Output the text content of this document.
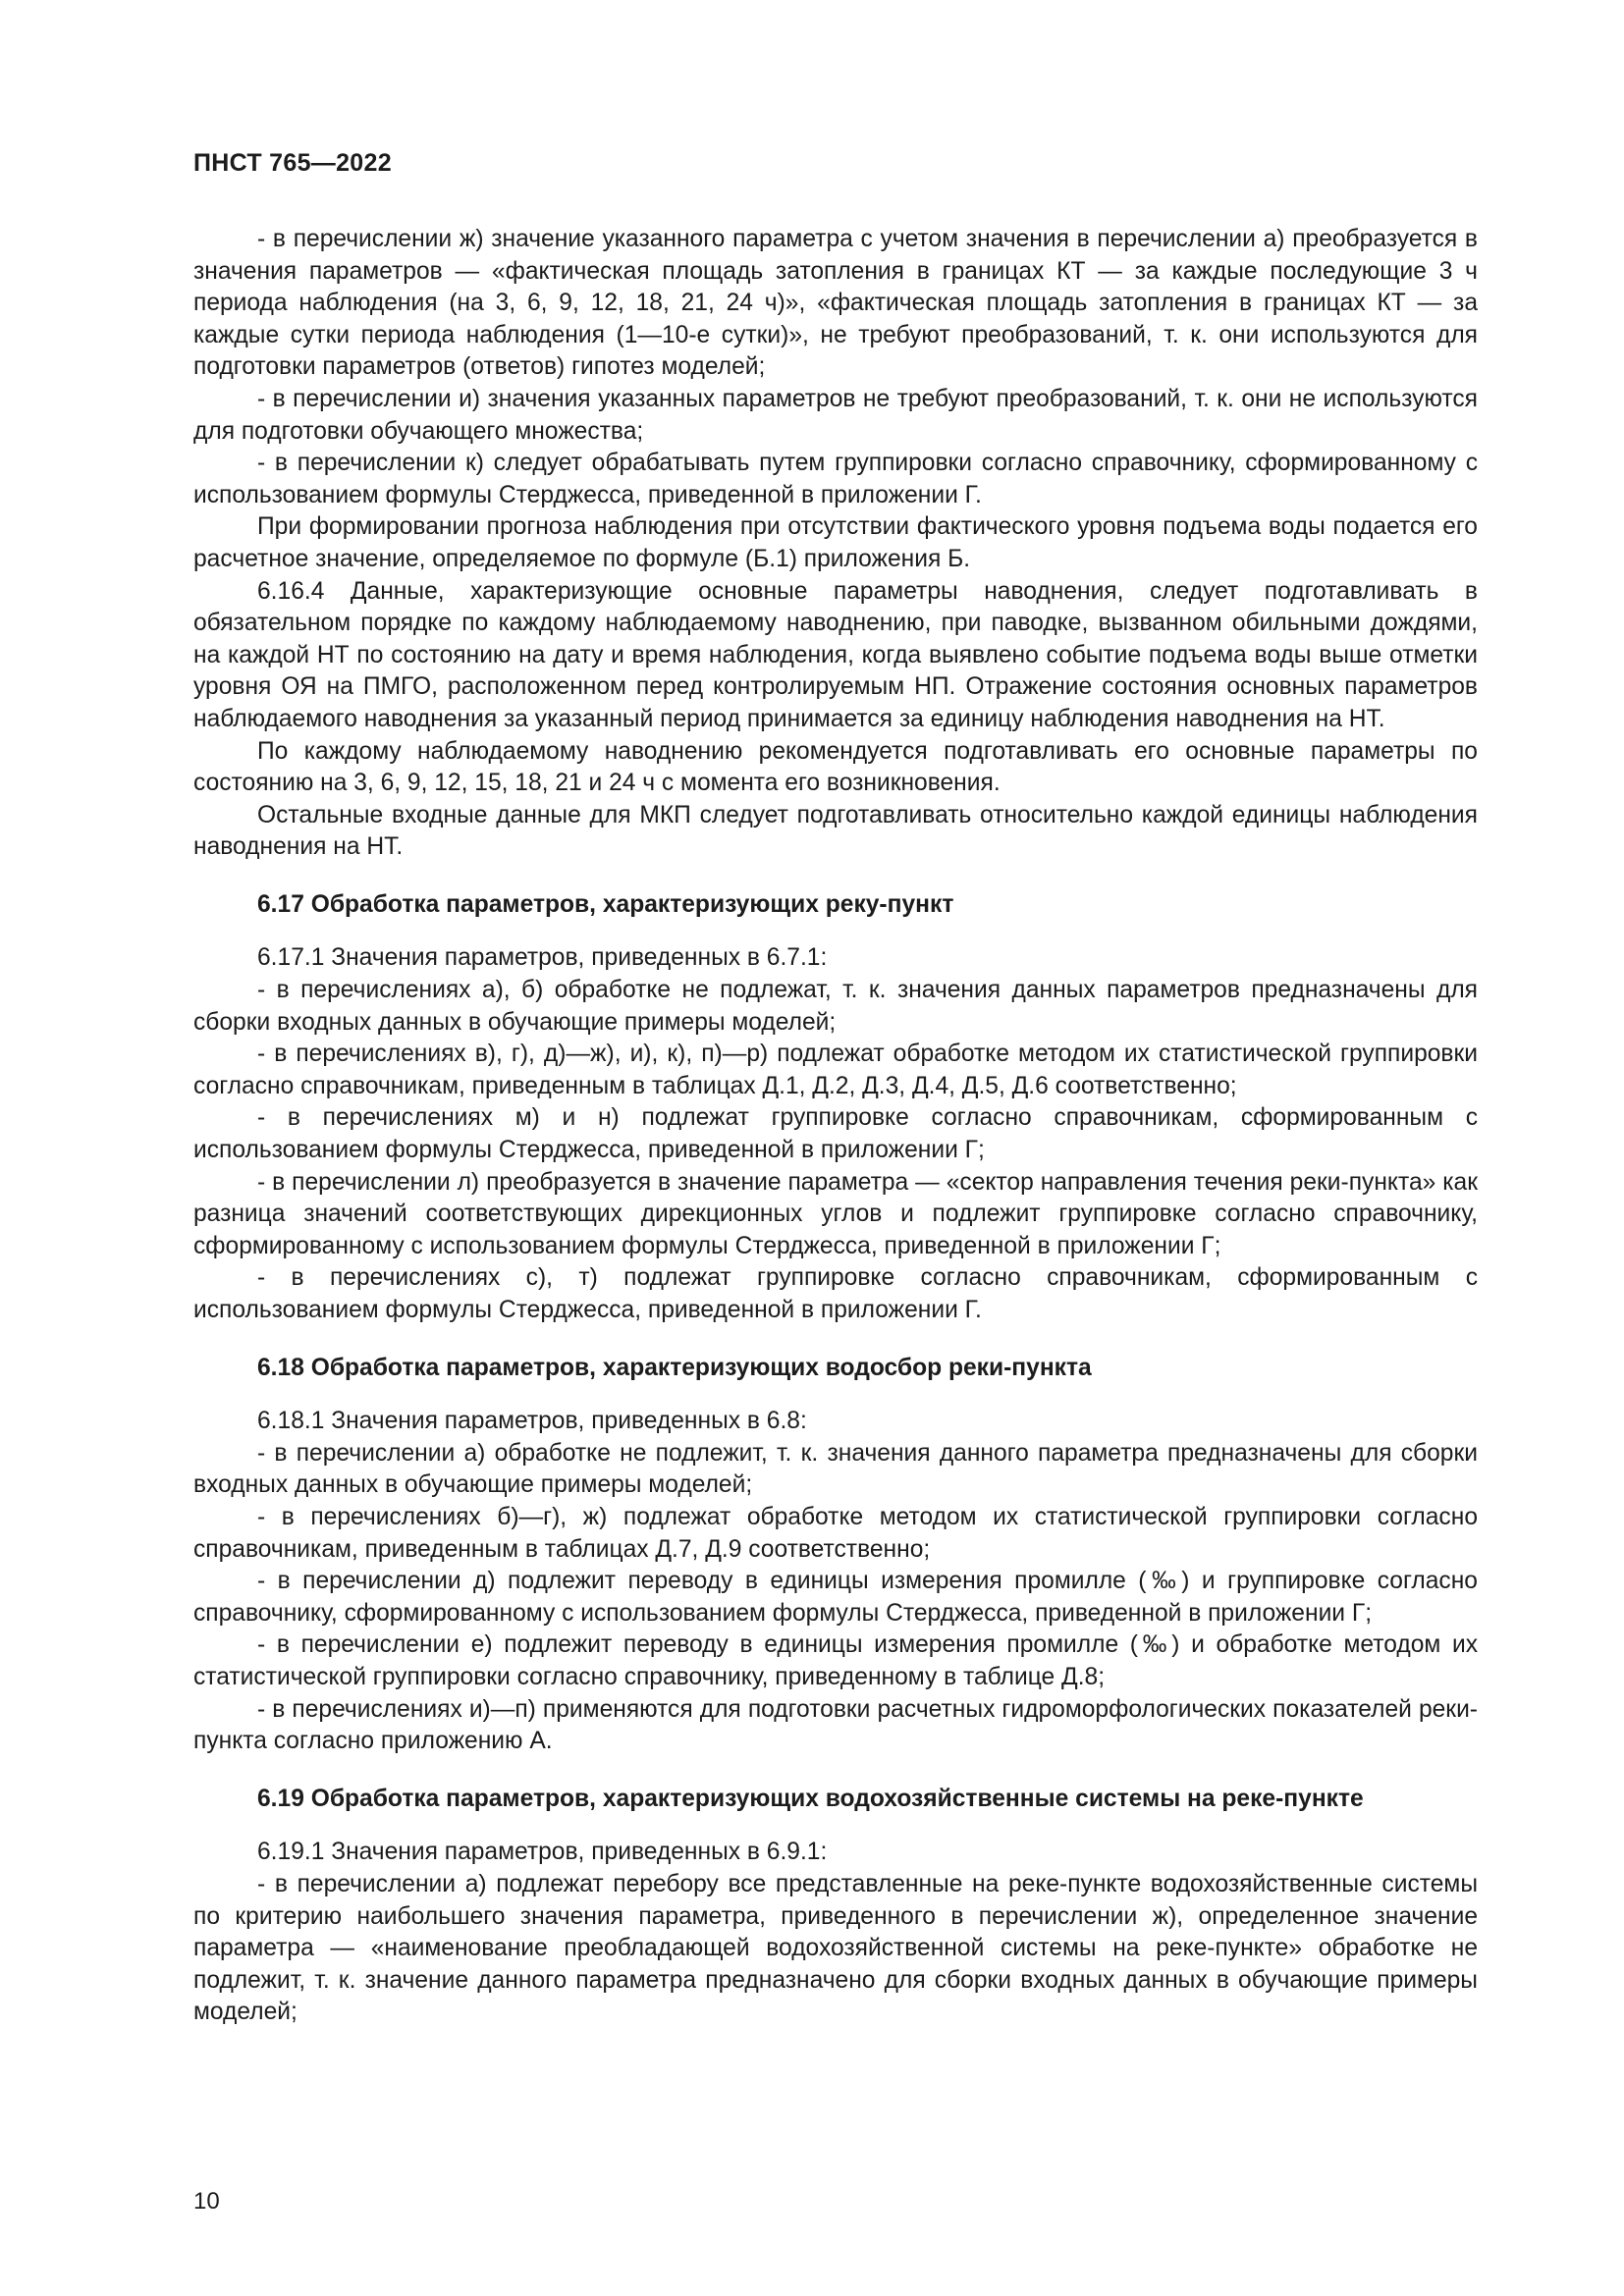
ПНСТ 765—2022

- в перечислении ж) значение указанного параметра с учетом значения в перечислении а) преобразуется в значения параметров — «фактическая площадь затопления в границах КТ — за каждые последующие 3 ч периода наблюдения (на 3, 6, 9, 12, 18, 21, 24 ч)», «фактическая площадь затопления в границах КТ — за каждые сутки периода наблюдения (1—10-е сутки)», не требуют преобразований, т. к. они используются для подготовки параметров (ответов) гипотез моделей;

- в перечислении и) значения указанных параметров не требуют преобразований, т. к. они не используются для подготовки обучающего множества;

- в перечислении к) следует обрабатывать путем группировки согласно справочнику, сформированному с использованием формулы Стерджесса, приведенной в приложении Г.

При формировании прогноза наблюдения при отсутствии фактического уровня подъема воды подается его расчетное значение, определяемое по формуле (Б.1) приложения Б.

6.16.4 Данные, характеризующие основные параметры наводнения, следует подготавливать в обязательном порядке по каждому наблюдаемому наводнению, при паводке, вызванном обильными дождями, на каждой НТ по состоянию на дату и время наблюдения, когда выявлено событие подъема воды выше отметки уровня ОЯ на ПМГО, расположенном перед контролируемым НП. Отражение состояния основных параметров наблюдаемого наводнения за указанный период принимается за единицу наблюдения наводнения на НТ.

По каждому наблюдаемому наводнению рекомендуется подготавливать его основные параметры по состоянию на 3, 6, 9, 12, 15, 18, 21 и 24 ч с момента его возникновения.

Остальные входные данные для МКП следует подготавливать относительно каждой единицы наблюдения наводнения на НТ.

6.17 Обработка параметров, характеризующих реку-пункт

6.17.1 Значения параметров, приведенных в 6.7.1:

- в перечислениях а), б) обработке не подлежат, т. к. значения данных параметров предназначены для сборки входных данных в обучающие примеры моделей;

- в перечислениях в), г), д)—ж), и), к), п)—р) подлежат обработке методом их статистической группировки согласно справочникам, приведенным в таблицах Д.1, Д.2, Д.3, Д.4, Д.5, Д.6 соответственно;

- в перечислениях м) и н) подлежат группировке согласно справочникам, сформированным с использованием формулы Стерджесса, приведенной в приложении Г;

- в перечислении л) преобразуется в значение параметра — «сектор направления течения реки-пункта» как разница значений соответствующих дирекционных углов и подлежит группировке согласно справочнику, сформированному с использованием формулы Стерджесса, приведенной в приложении Г;

- в перечислениях с), т) подлежат группировке согласно справочникам, сформированным с использованием формулы Стерджесса, приведенной в приложении Г.

6.18 Обработка параметров, характеризующих водосбор реки-пункта

6.18.1 Значения параметров, приведенных в 6.8:

- в перечислении а) обработке не подлежит, т. к. значения данного параметра предназначены для сборки входных данных в обучающие примеры моделей;

- в перечислениях б)—г), ж) подлежат обработке методом их статистической группировки согласно справочникам, приведенным в таблицах Д.7, Д.9 соответственно;

- в перечислении д) подлежит переводу в единицы измерения промилле (‰) и группировке согласно справочнику, сформированному с использованием формулы Стерджесса, приведенной в приложении Г;

- в перечислении е) подлежит переводу в единицы измерения промилле (‰) и обработке методом их статистической группировки согласно справочнику, приведенному в таблице Д.8;

- в перечислениях и)—п) применяются для подготовки расчетных гидроморфологических показателей реки-пункта согласно приложению А.

6.19 Обработка параметров, характеризующих водохозяйственные системы на реке-пункте

6.19.1 Значения параметров, приведенных в 6.9.1:

- в перечислении а) подлежат перебору все представленные на реке-пункте водохозяйственные системы по критерию наибольшего значения параметра, приведенного в перечислении ж), определенное значение параметра — «наименование преобладающей водохозяйственной системы на реке-пункте» обработке не подлежит, т. к. значение данного параметра предназначено для сборки входных данных в обучающие примеры моделей;

10
